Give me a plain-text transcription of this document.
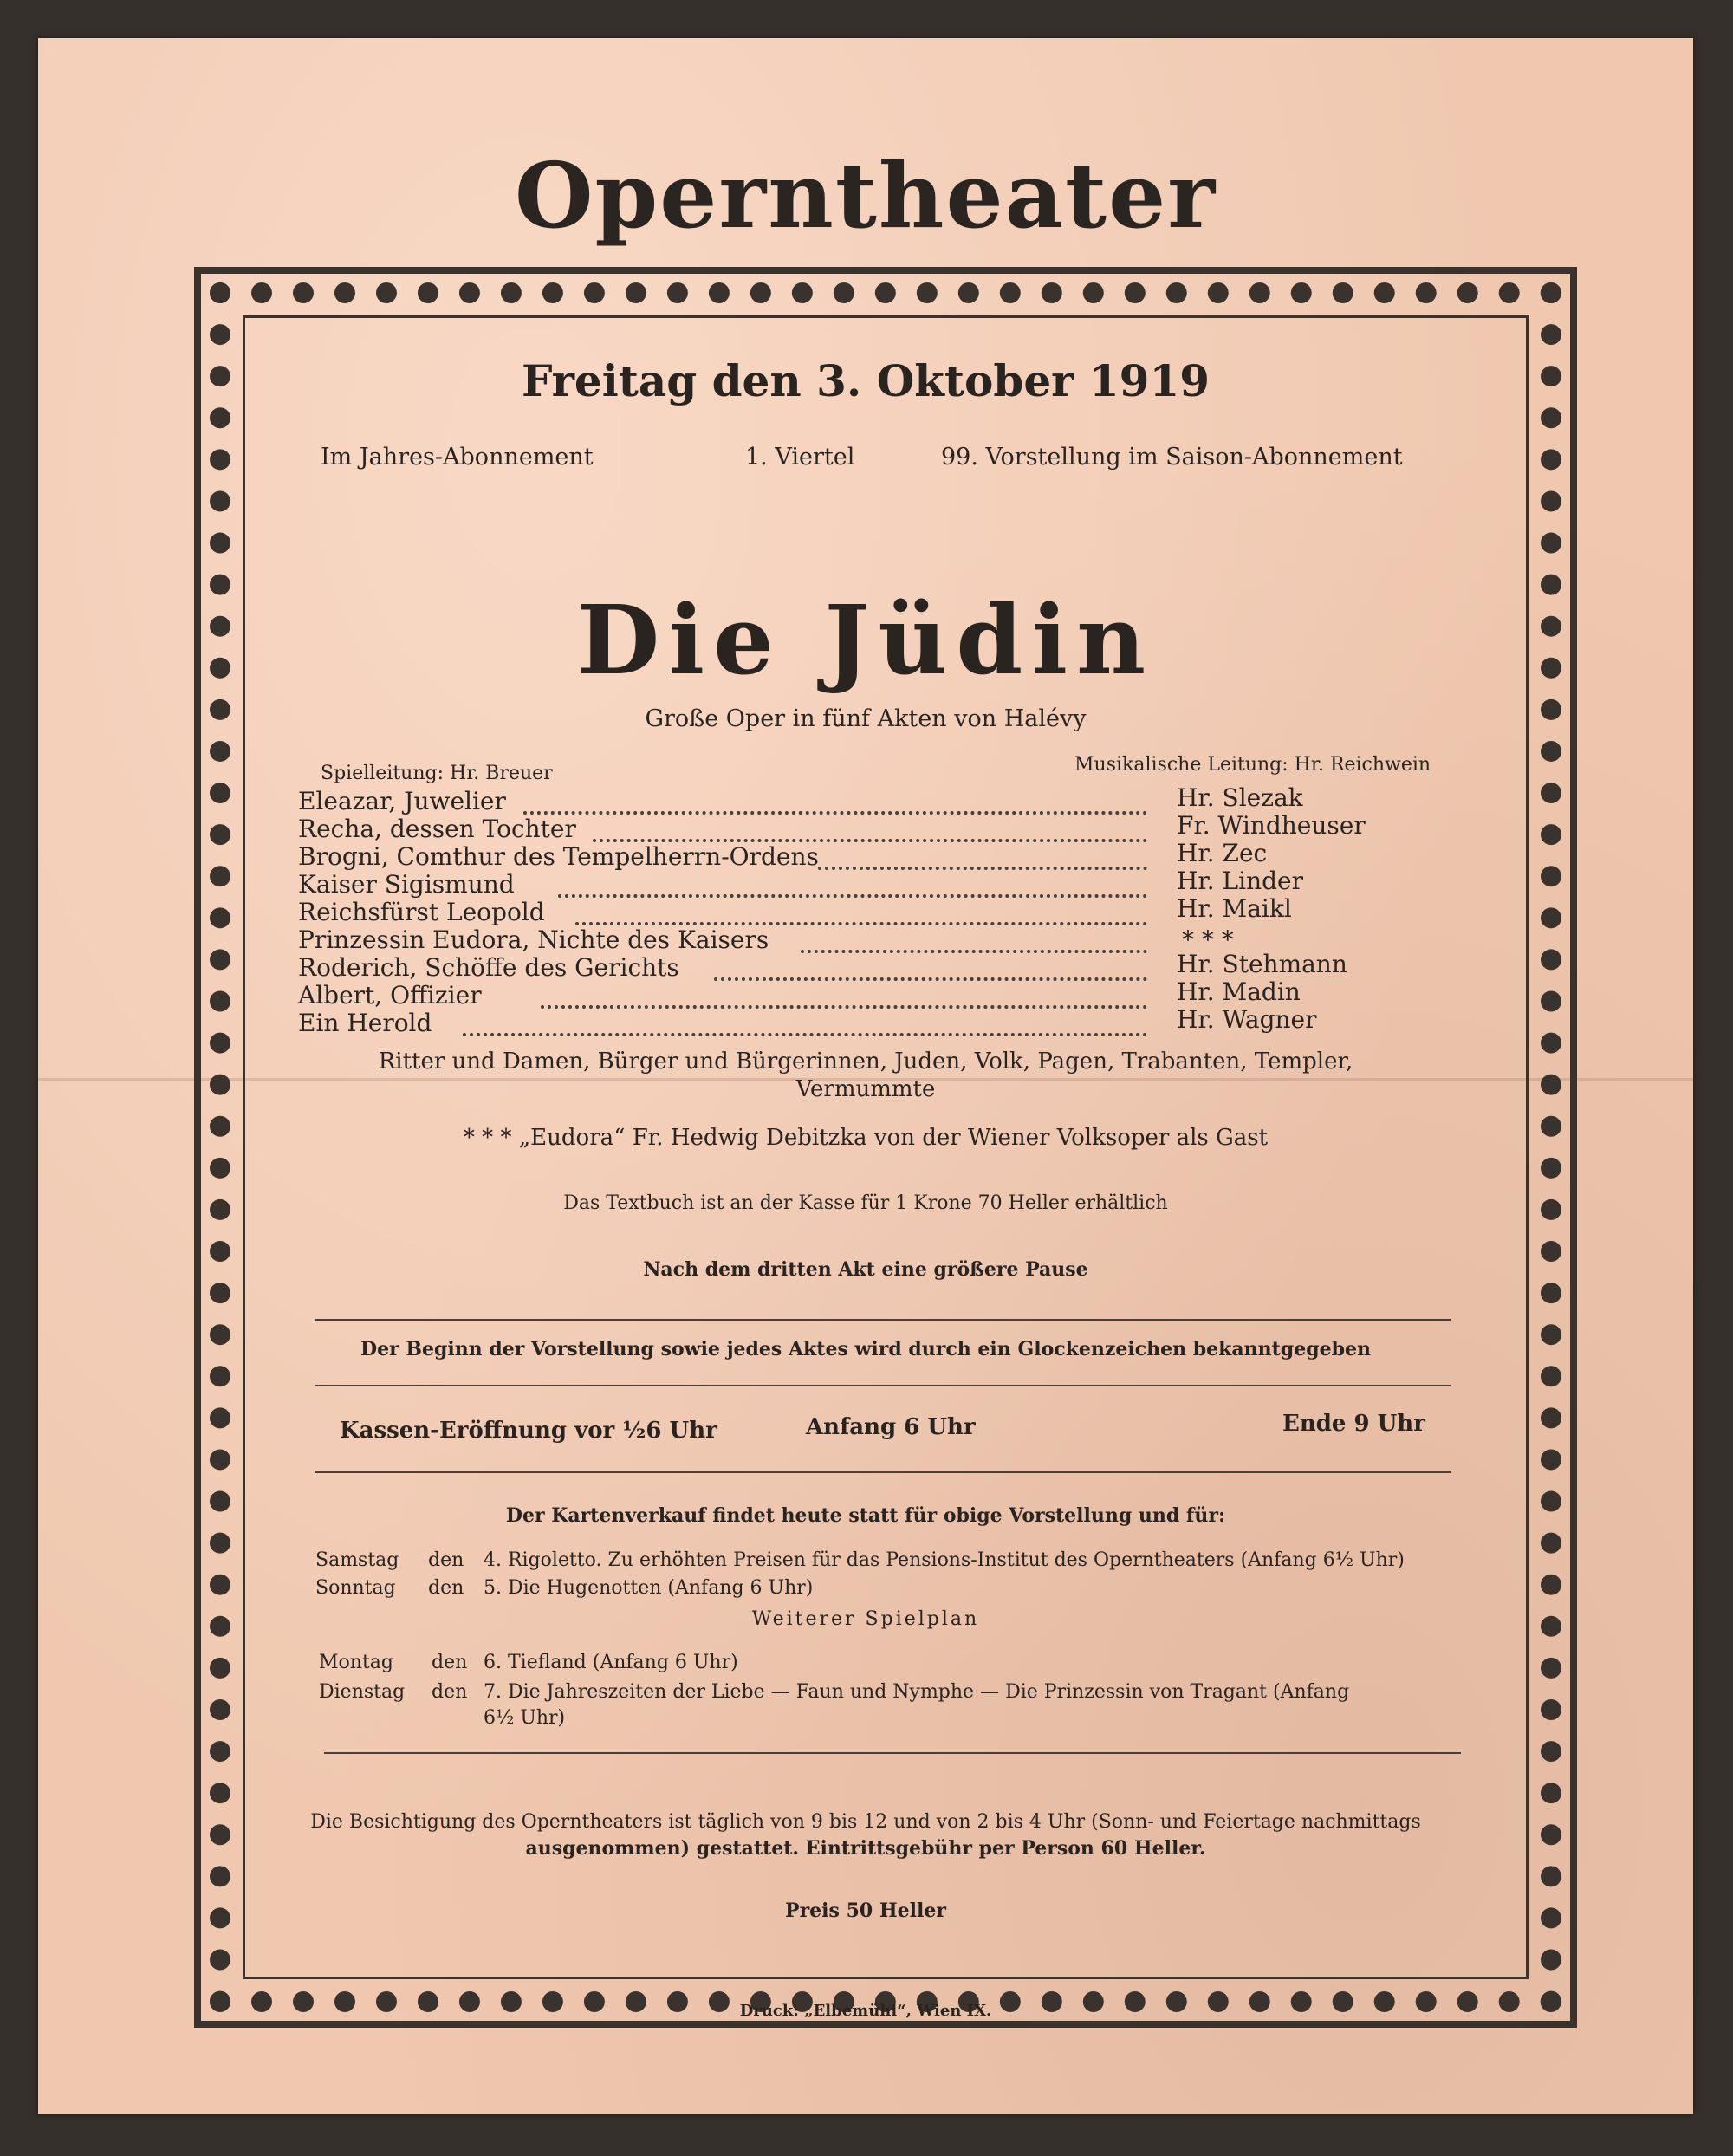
Operntheater
Freitag den 3. Oktober 1919
Im Jahres-Abonnement	1. Viertel	99. Vorstellung im Saison-Abonnement
Die Jüdin
Große Oper in fünf Akten von Halévy
Spielleitung: Hr. Breuer	Musikalische Leitung: Hr. Reichwein
Eleazar, Juwelier	Hr. Slezak
Recha, dessen Tochter	Fr. Windheuser
Brogni, Comthur des Tempelherrn-Ordens	Hr. Zec
Kaiser Sigismund	Hr. Linder
Reichsfürst Leopold	Hr. Maikl
Prinzessin Eudora, Nichte des Kaisers	* * *
Roderich, Schöffe des Gerichts	Hr. Stehmann
Albert, Offizier	Hr. Madin
Ein Herold	Hr. Wagner
Ritter und Damen, Bürger und Bürgerinnen, Juden, Volk, Pagen, Trabanten, Templer,
Vermummte
* * * „Eudora“ Fr. Hedwig Debitzka von der Wiener Volksoper als Gast
Das Textbuch ist an der Kasse für 1 Krone 70 Heller erhältlich
Nach dem dritten Akt eine größere Pause
Der Beginn der Vorstellung sowie jedes Aktes wird durch ein Glockenzeichen bekanntgegeben
Kassen-Eröffnung vor ½6 Uhr	Anfang 6 Uhr	Ende 9 Uhr
Der Kartenverkauf findet heute statt für obige Vorstellung und für:
Samstag den 4. Rigoletto. Zu erhöhten Preisen für das Pensions-Institut des Operntheaters (Anfang 6½ Uhr)
Sonntag den 5. Die Hugenotten (Anfang 6 Uhr)
Weiterer Spielplan
Montag den 6. Tiefland (Anfang 6 Uhr)
Dienstag den 7. Die Jahreszeiten der Liebe — Faun und Nymphe — Die Prinzessin von Tragant (Anfang
6½ Uhr)
Die Besichtigung des Operntheaters ist täglich von 9 bis 12 und von 2 bis 4 Uhr (Sonn- und Feiertage nachmittags
ausgenommen) gestattet. Eintrittsgebühr per Person 60 Heller.
Preis 50 Heller
Druck: „Elbemühl“, Wien IX.
